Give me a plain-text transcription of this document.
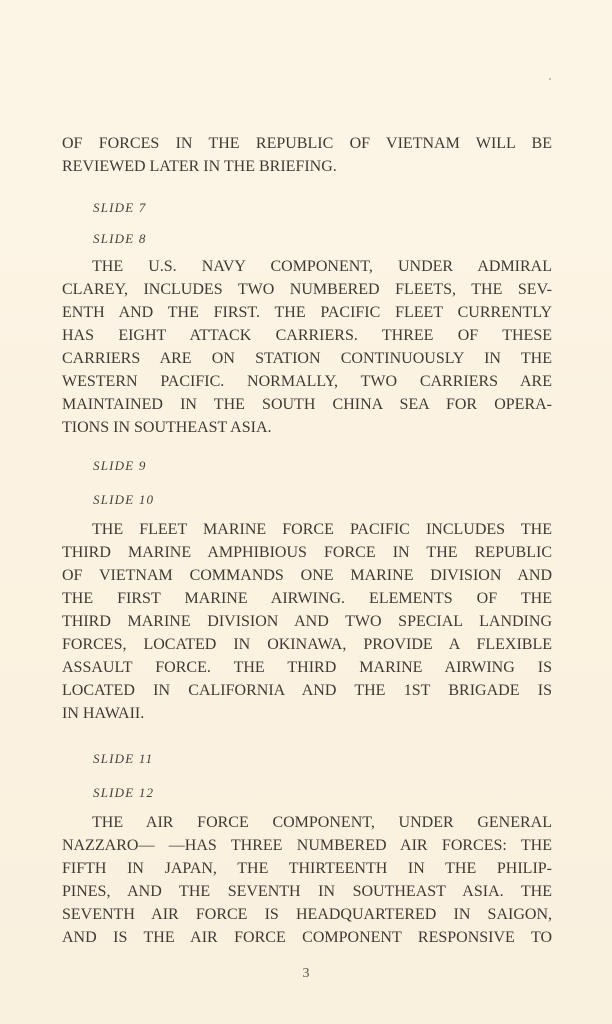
OF FORCES IN THE REPUBLIC OF VIETNAM WILL BE
REVIEWED LATER IN THE BRIEFING.
SLIDE 7
SLIDE 8
THE U.S. NAVY COMPONENT, UNDER ADMIRAL
CLAREY, INCLUDES TWO NUMBERED FLEETS, THE SEV-
ENTH AND THE FIRST. THE PACIFIC FLEET CURRENTLY
HAS EIGHT ATTACK CARRIERS. THREE OF THESE
CARRIERS ARE ON STATION CONTINUOUSLY IN THE
WESTERN PACIFIC. NORMALLY, TWO CARRIERS ARE
MAINTAINED IN THE SOUTH CHINA SEA FOR OPERA-
TIONS IN SOUTHEAST ASIA.
SLIDE 9
SLIDE 10
THE FLEET MARINE FORCE PACIFIC INCLUDES THE
THIRD MARINE AMPHIBIOUS FORCE IN THE REPUBLIC
OF VIETNAM COMMANDS ONE MARINE DIVISION AND
THE FIRST MARINE AIRWING. ELEMENTS OF THE
THIRD MARINE DIVISION AND TWO SPECIAL LANDING
FORCES, LOCATED IN OKINAWA, PROVIDE A FLEXIBLE
ASSAULT FORCE. THE THIRD MARINE AIRWING IS
LOCATED IN CALIFORNIA AND THE 1ST BRIGADE IS
IN HAWAII.
SLIDE 11
SLIDE 12
THE AIR FORCE COMPONENT, UNDER GENERAL
NAZZARO— —HAS THREE NUMBERED AIR FORCES: THE
FIFTH IN JAPAN, THE THIRTEENTH IN THE PHILIP-
PINES, AND THE SEVENTH IN SOUTHEAST ASIA. THE
SEVENTH AIR FORCE IS HEADQUARTERED IN SAIGON,
AND IS THE AIR FORCE COMPONENT RESPONSIVE TO
3
